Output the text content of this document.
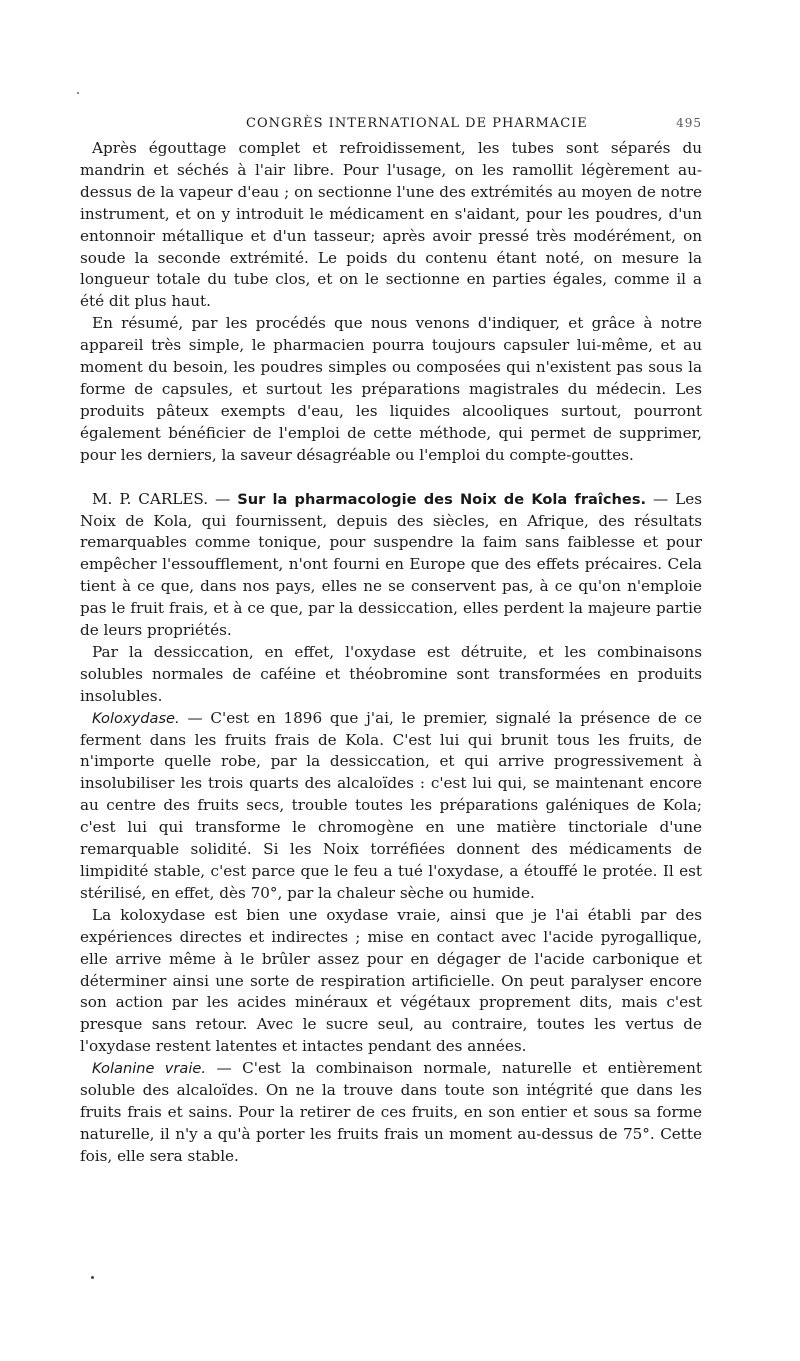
CONGRÈS INTERNATIONAL DE PHARMACIE	495

Après égouttage complet et refroidissement, les tubes sont séparés du mandrin et séchés à l'air libre. Pour l'usage, on les ramollit légèrement au-dessus de la vapeur d'eau ; on sectionne l'une des extrémités au moyen de notre instrument, et on y introduit le médicament en s'aidant, pour les poudres, d'un entonnoir métallique et d'un tasseur; après avoir pressé très modérément, on soude la seconde extrémité. Le poids du contenu étant noté, on mesure la longueur totale du tube clos, et on le sectionne en parties égales, comme il a été dit plus haut.

En résumé, par les procédés que nous venons d'indiquer, et grâce à notre appareil très simple, le pharmacien pourra toujours capsuler lui-même, et au moment du besoin, les poudres simples ou composées qui n'existent pas sous la forme de capsules, et surtout les préparations magistrales du médecin. Les produits pâteux exempts d'eau, les liquides alcooliques surtout, pourront également bénéficier de l'emploi de cette méthode, qui permet de supprimer, pour les derniers, la saveur désagréable ou l'emploi du compte-gouttes.

M. P. CARLES. — Sur la pharmacologie des Noix de Kola fraîches. — Les Noix de Kola, qui fournissent, depuis des siècles, en Afrique, des résultats remarquables comme tonique, pour suspendre la faim sans faiblesse et pour empêcher l'essoufflement, n'ont fourni en Europe que des effets précaires. Cela tient à ce que, dans nos pays, elles ne se conservent pas, à ce qu'on n'emploie pas le fruit frais, et à ce que, par la dessiccation, elles perdent la majeure partie de leurs propriétés.

Par la dessiccation, en effet, l'oxydase est détruite, et les combinaisons solubles normales de caféine et théobromine sont transformées en produits insolubles.

Koloxydase. — C'est en 1896 que j'ai, le premier, signalé la présence de ce ferment dans les fruits frais de Kola. C'est lui qui brunit tous les fruits, de n'importe quelle robe, par la dessiccation, et qui arrive progressivement à insolubiliser les trois quarts des alcaloïdes : c'est lui qui, se maintenant encore au centre des fruits secs, trouble toutes les préparations galéniques de Kola; c'est lui qui transforme le chromogène en une matière tinctoriale d'une remarquable solidité. Si les Noix torréfiées donnent des médicaments de limpidité stable, c'est parce que le feu a tué l'oxydase, a étouffé le protée. Il est stérilisé, en effet, dès 70°, par la chaleur sèche ou humide.

La koloxydase est bien une oxydase vraie, ainsi que je l'ai établi par des expériences directes et indirectes ; mise en contact avec l'acide pyrogallique, elle arrive même à le brûler assez pour en dégager de l'acide carbonique et déterminer ainsi une sorte de respiration artificielle. On peut paralyser encore son action par les acides minéraux et végétaux proprement dits, mais c'est presque sans retour. Avec le sucre seul, au contraire, toutes les vertus de l'oxydase restent latentes et intactes pendant des années.

Kolanine vraie. — C'est la combinaison normale, naturelle et entièrement soluble des alcaloïdes. On ne la trouve dans toute son intégrité que dans les fruits frais et sains. Pour la retirer de ces fruits, en son entier et sous sa forme naturelle, il n'y a qu'à porter les fruits frais un moment au-dessus de 75°. Cette fois, elle sera stable.
